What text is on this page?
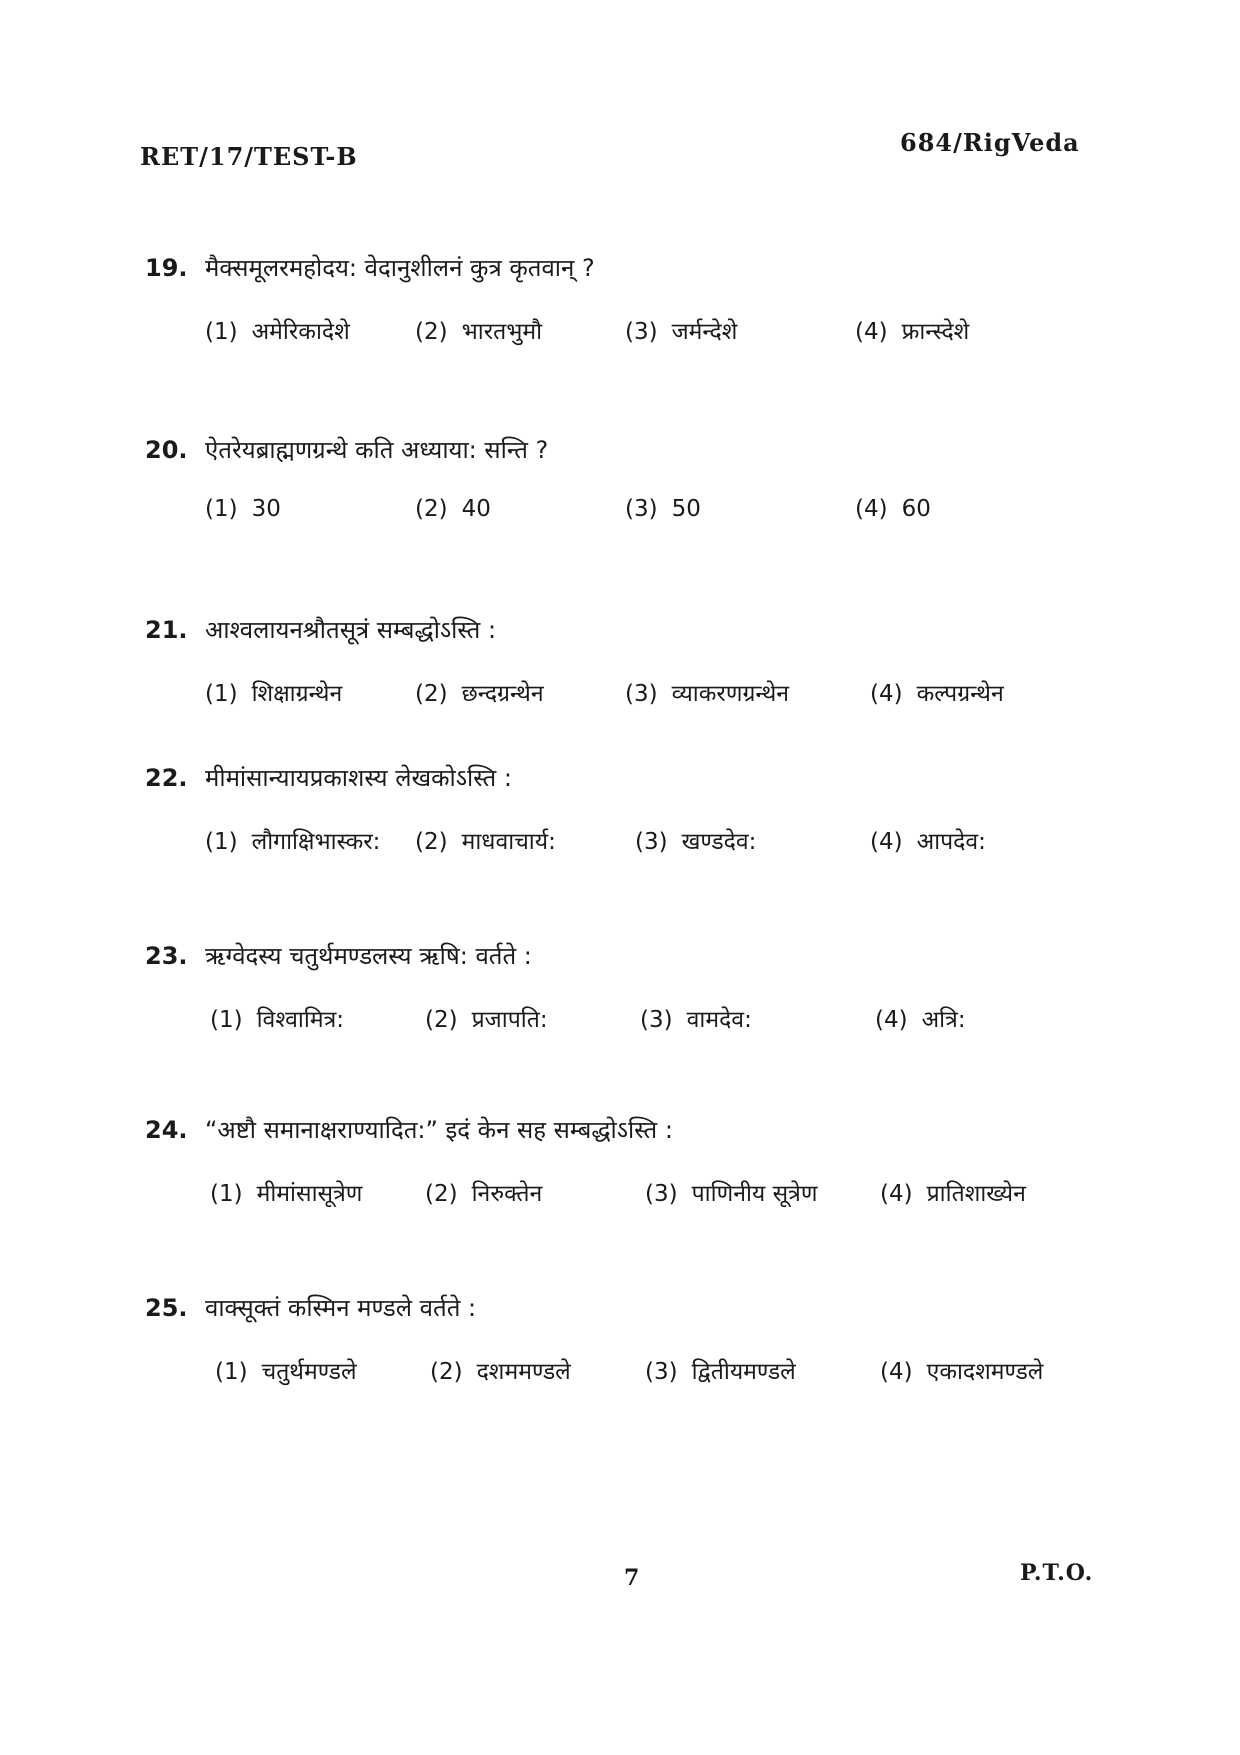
RET/17/TEST-B	684/RigVeda
19. मैक्समूलरमहोदय: वेदानुशीलनं कुत्र कृतवान् ?
(1) अमेरिकादेशे	(2) भारतभुमौ	(3) जर्मन्देशे	(4) फ्रान्स्देशे
20. ऐतरेयब्राह्मणग्रन्थे कति अध्याया: सन्ति ?
(1) 30	(2) 40	(3) 50	(4) 60
21. आश्वलायनश्रौतसूत्रं सम्बद्धोऽस्ति :
(1) शिक्षाग्रन्थेन	(2) छन्दग्रन्थेन	(3) व्याकरणग्रन्थेन	(4) कल्पग्रन्थेन
22. मीमांसान्यायप्रकाशस्य लेखकोऽस्ति :
(1) लौगाक्षिभास्कर: (2) माधवाचार्य:	(3) खण्डदेव:	(4) आपदेव:
23. ऋग्वेदस्य चतुर्थमण्डलस्य ऋषि: वर्तते :
(1) विश्वामित्र:	(2) प्रजापति:	(3) वामदेव:	(4) अत्रि:
24. “अष्टौ समानाक्षराण्यादित:” इदं केन सह सम्बद्धोऽस्ति :
(1) मीमांसासूत्रेण	(2) निरुक्तेन	(3) पाणिनीय सूत्रेण	(4) प्रातिशाख्येन
25. वाक्सूक्तं कस्मिन मण्डले वर्तते :
(1) चतुर्थमण्डले	(2) दशममण्डले	(3) द्वितीयमण्डले	(4) एकादशमण्डले
7	P.T.O.
